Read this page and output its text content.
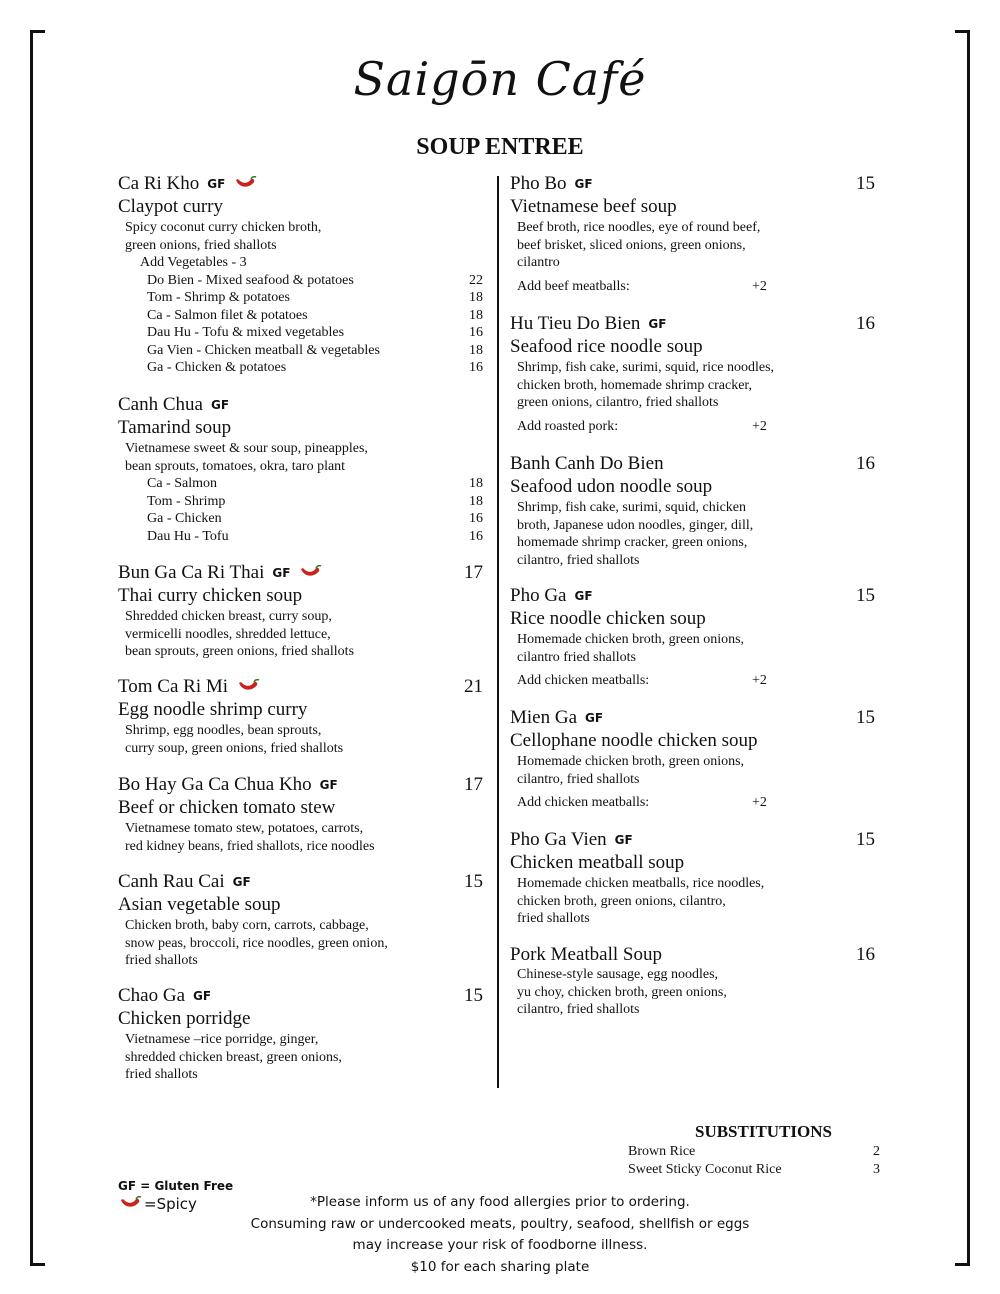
Saigōn Café
SOUP ENTREE
Ca Ri Kho GF
Claypot curry
Spicy coconut curry chicken broth,
green onions, fried shallots
Add Vegetables - 3
Do Bien - Mixed seafood & potatoes	22
Tom - Shrimp & potatoes	18
Ca - Salmon filet & potatoes	18
Dau Hu - Tofu & mixed vegetables	16
Ga Vien - Chicken meatball & vegetables	18
Ga - Chicken & potatoes	16
Canh Chua GF
Tamarind soup
Vietnamese sweet & sour soup, pineapples,
bean sprouts, tomatoes, okra, taro plant
Ca - Salmon	18
Tom - Shrimp	18
Ga - Chicken	16
Dau Hu - Tofu	16
Bun Ga Ca Ri Thai GF	17
Thai curry chicken soup
Shredded chicken breast, curry soup,
vermicelli noodles, shredded lettuce,
bean sprouts, green onions, fried shallots
Tom Ca Ri Mi	21
Egg noodle shrimp curry
Shrimp, egg noodles, bean sprouts,
curry soup, green onions, fried shallots
Bo Hay Ga Ca Chua Kho GF	17
Beef or chicken tomato stew
Vietnamese tomato stew, potatoes, carrots,
red kidney beans, fried shallots, rice noodles
Canh Rau Cai GF	15
Asian vegetable soup
Chicken broth, baby corn, carrots, cabbage,
snow peas, broccoli, rice noodles, green onion,
fried shallots
Chao Ga GF	15
Chicken porridge
Vietnamese –rice porridge, ginger,
shredded chicken breast, green onions,
fried shallots
Pho Bo GF	15
Vietnamese beef soup
Beef broth, rice noodles, eye of round beef,
beef brisket, sliced onions, green onions,
cilantro
Add beef meatballs:	+2
Hu Tieu Do Bien GF	16
Seafood rice noodle soup
Shrimp, fish cake, surimi, squid, rice noodles,
chicken broth, homemade shrimp cracker,
green onions, cilantro, fried shallots
Add roasted pork:	+2
Banh Canh Do Bien	16
Seafood udon noodle soup
Shrimp, fish cake, surimi, squid, chicken
broth, Japanese udon noodles, ginger, dill,
homemade shrimp cracker, green onions,
cilantro, fried shallots
Pho Ga GF	15
Rice noodle chicken soup
Homemade chicken broth, green onions,
cilantro fried shallots
Add chicken meatballs:	+2
Mien Ga GF	15
Cellophane noodle chicken soup
Homemade chicken broth, green onions,
cilantro, fried shallots
Add chicken meatballs:	+2
Pho Ga Vien GF	15
Chicken meatball soup
Homemade chicken meatballs, rice noodles,
chicken broth, green onions, cilantro,
fried shallots
Pork Meatball Soup	16
Chinese-style sausage, egg noodles,
yu choy, chicken broth, green onions,
cilantro, fried shallots
SUBSTITUTIONS
Brown Rice	2
Sweet Sticky Coconut Rice	3
GF = Gluten Free
=Spicy	*Please inform us of any food allergies prior to ordering.
Consuming raw or undercooked meats, poultry, seafood, shellfish or eggs
may increase your risk of foodborne illness.
$10 for each sharing plate
